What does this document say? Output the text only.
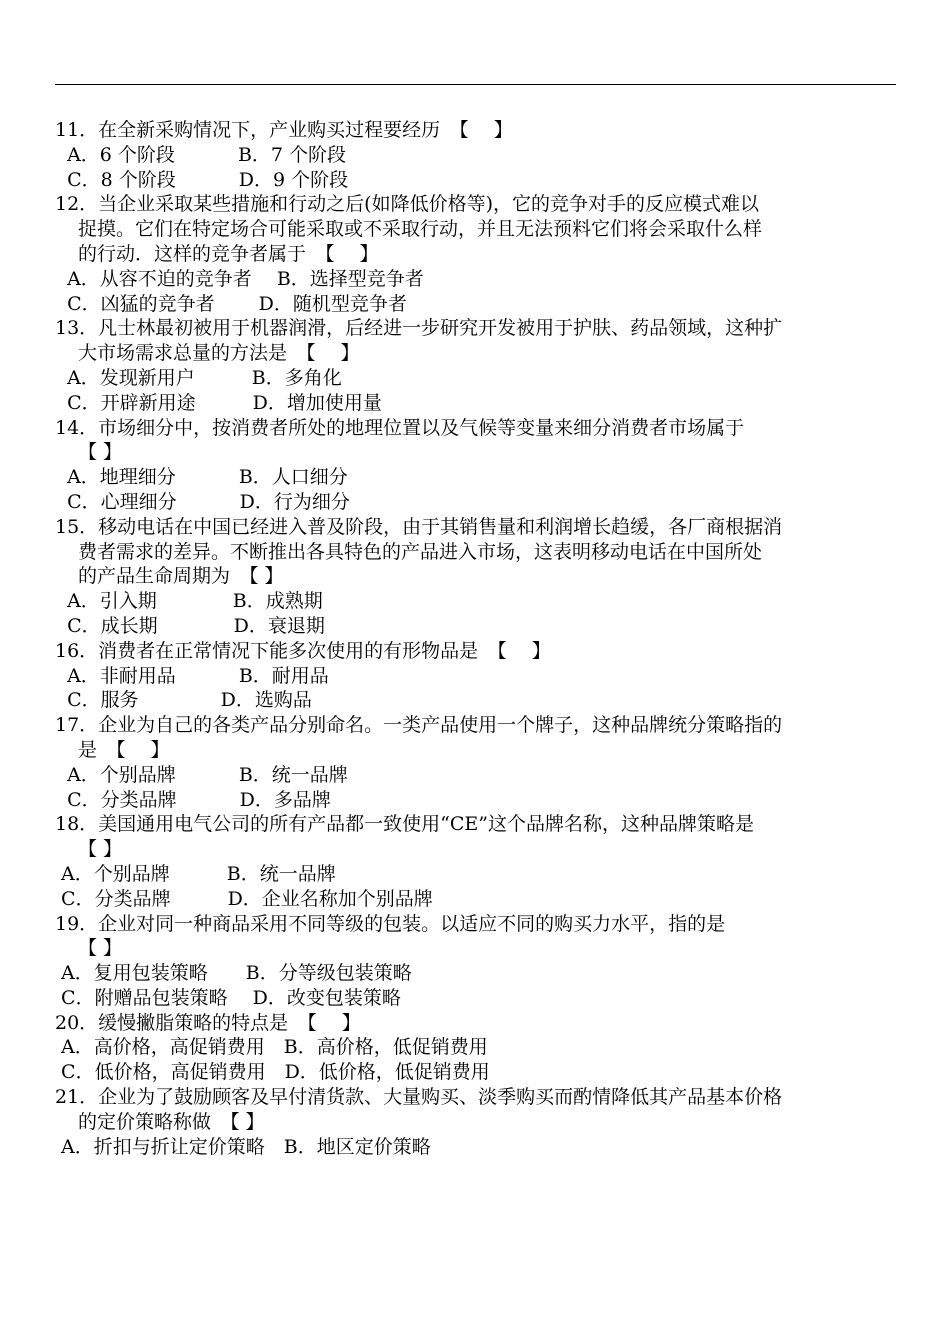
11．在全新采购情况下，产业购买过程要经历　【　 】
A．6 个阶段　　　 B．7 个阶段
C．8 个阶段　　　 D．9 个阶段
12．当企业采取某些措施和行动之后(如降低价格等)，它的竞争对手的反应模式难以
捉摸。它们在特定场合可能采取或不采取行动，并且无法预料它们将会采取什么样
的行动．这样的竞争者属于　【　 】
A．从容不迫的竞争者　 B．选择型竞争者
C．凶猛的竞争者　　 D．随机型竞争者
13．凡士林最初被用于机器润滑，后经进一步研究开发被用于护肤、药品领域，这种扩
大市场需求总量的方法是　【　 】
A．发现新用户　　　B．多角化
C．开辟新用途　　　D．增加使用量
14．市场细分中，按消费者所处的地理位置以及气候等变量来细分消费者市场属于
【 】
A．地理细分　　　 B．人口细分
C．心理细分　　　 D．行为细分
15．移动电话在中国已经进入普及阶段，由于其销售量和利润增长趋缓，各厂商根据消
费者需求的差异。不断推出各具特色的产品进入市场，这表明移动电话在中国所处
的产品生命周期为　【 】
A．引入期　　　　B．成熟期
C．成长期　　　　D．衰退期
16．消费者在正常情况下能多次使用的有形物品是　【　 】
A．非耐用品　　　 B．耐用品
C．服务　　　　 D．选购品
17．企业为自己的各类产品分别命名。一类产品使用一个牌子，这种品牌统分策略指的
是　【　 】
A．个别品牌　　　 B．统一品牌
C．分类品牌　　　 D．多品牌
18．美国通用电气公司的所有产品都一致使用“CE”这个品牌名称，这种品牌策略是
【 】
A．个别品牌　　　B．统一品牌
C．分类品牌　　　D．企业名称加个别品牌
19．企业对同一种商品采用不同等级的包装。以适应不同的购买力水平，指的是
【 】
A．复用包装策略　　B．分等级包装策略
C．附赠品包装策略　 D．改变包装策略
20．缓慢撇脂策略的特点是　【　 】
A．高价格，高促销费用　B．高价格，低促销费用
C．低价格，高促销费用　D．低价格，低促销费用
21．企业为了鼓励顾客及早付清货款、大量购买、淡季购买而酌情降低其产品基本价格
的定价策略称做　【 】
A．折扣与折让定价策略　B．地区定价策略
